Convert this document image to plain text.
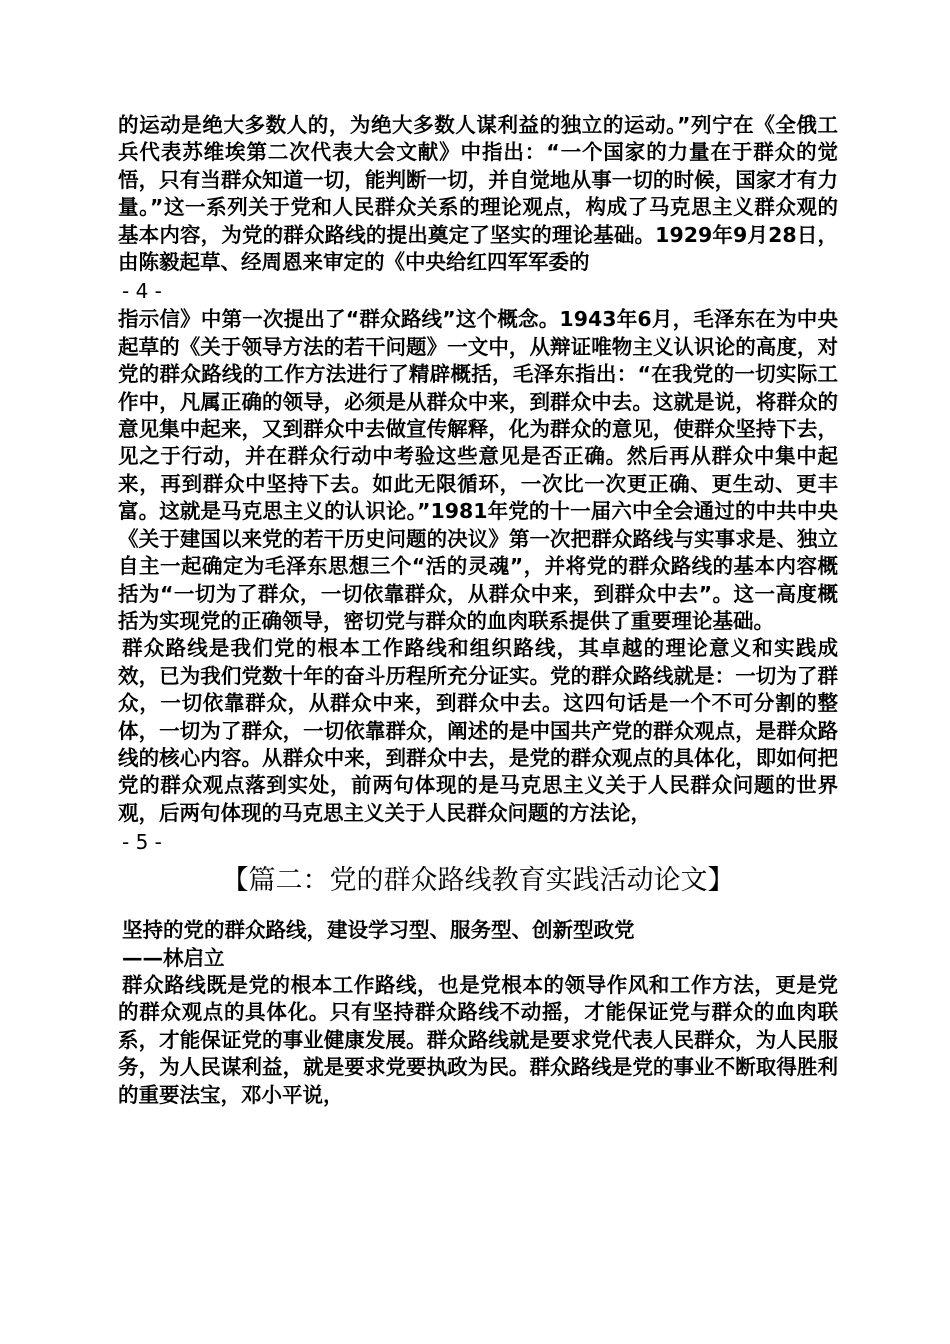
的运动是绝大多数人的，为绝大多数人谋利益的独立的运动。”列宁在《全俄工兵代表苏维埃第二次代表大会文献》中指出：“一个国家的力量在于群众的觉悟，只有当群众知道一切，能判断一切，并自觉地从事一切的时候，国家才有力量。”这一系列关于党和人民群众关系的理论观点，构成了马克思主义群众观的基本内容，为党的群众路线的提出奠定了坚实的理论基础。1929年9月28日，由陈毅起草、经周恩来审定的《中央给红四军军委的

- 4 -

指示信》中第一次提出了“群众路线”这个概念。1943年6月，毛泽东在为中央起草的《关于领导方法的若干问题》一文中，从辩证唯物主义认识论的高度，对党的群众路线的工作方法进行了精辟概括，毛泽东指出：“在我党的一切实际工作中，凡属正确的领导，必须是从群众中来，到群众中去。这就是说，将群众的意见集中起来，又到群众中去做宣传解释，化为群众的意见，使群众坚持下去，见之于行动，并在群众行动中考验这些意见是否正确。然后再从群众中集中起来，再到群众中坚持下去。如此无限循环，一次比一次更正确、更生动、更丰富。这就是马克思主义的认识论。”1981年党的十一届六中全会通过的中共中央《关于建国以来党的若干历史问题的决议》第一次把群众路线与实事求是、独立自主一起确定为毛泽东思想三个“活的灵魂”，并将党的群众路线的基本内容概括为“一切为了群众，一切依靠群众，从群众中来，到群众中去”。这一高度概括为实现党的正确领导，密切党与群众的血肉联系提供了重要理论基础。

群众路线是我们党的根本工作路线和组织路线，其卓越的理论意义和实践成效，已为我们党数十年的奋斗历程所充分证实。党的群众路线就是：一切为了群众，一切依靠群众，从群众中来，到群众中去。这四句话是一个不可分割的整体，一切为了群众，一切依靠群众，阐述的是中国共产党的群众观点，是群众路线的核心内容。从群众中来，到群众中去，是党的群众观点的具体化，即如何把党的群众观点落到实处，前两句体现的是马克思主义关于人民群众问题的世界观，后两句体现的马克思主义关于人民群众问题的方法论，

- 5 -

【篇二：党的群众路线教育实践活动论文】

坚持的党的群众路线，建设学习型、服务型、创新型政党

——林启立

群众路线既是党的根本工作路线，也是党根本的领导作风和工作方法，更是党的群众观点的具体化。只有坚持群众路线不动摇，才能保证党与群众的血肉联系，才能保证党的事业健康发展。群众路线就是要求党代表人民群众，为人民服务，为人民谋利益，就是要求党要执政为民。群众路线是党的事业不断取得胜利的重要法宝，邓小平说，
